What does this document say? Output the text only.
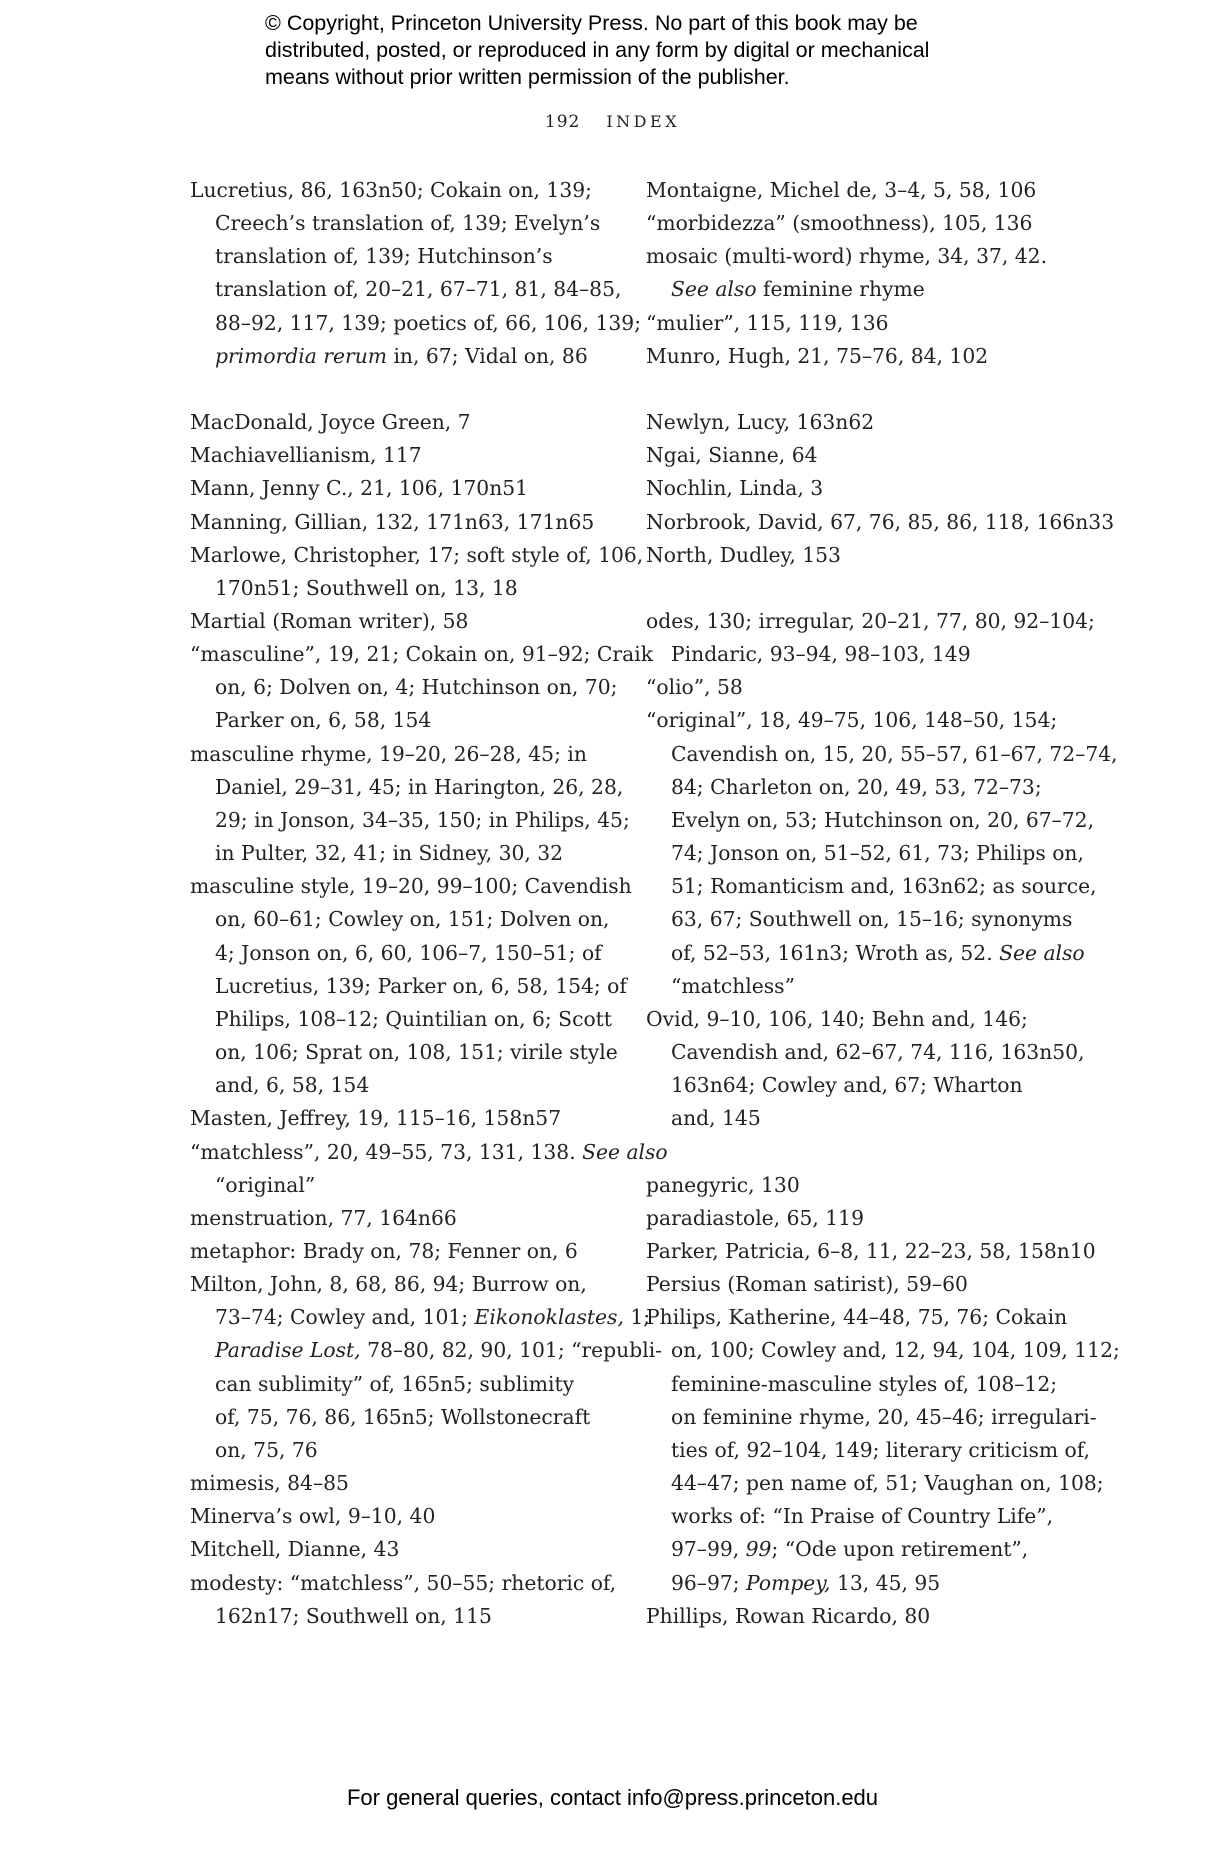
© Copyright, Princeton University Press. No part of this book may be
distributed, posted, or reproduced in any form by digital or mechanical
means without prior written permission of the publisher.
192 INDEX
Lucretius, 86, 163n50; Cokain on, 139;
Creech’s translation of, 139; Evelyn’s
translation of, 139; Hutchinson’s
translation of, 20–21, 67–71, 81, 84–85,
88–92, 117, 139; poetics of, 66, 106, 139;
primordia rerum in, 67; Vidal on, 86
MacDonald, Joyce Green, 7
Machiavellianism, 117
Mann, Jenny C., 21, 106, 170n51
Manning, Gillian, 132, 171n63, 171n65
Marlowe, Christopher, 17; soft style of, 106,
170n51; Southwell on, 13, 18
Martial (Roman writer), 58
“masculine”, 19, 21; Cokain on, 91–92; Craik
on, 6; Dolven on, 4; Hutchinson on, 70;
Parker on, 6, 58, 154
masculine rhyme, 19–20, 26–28, 45; in
Daniel, 29–31, 45; in Harington, 26, 28,
29; in Jonson, 34–35, 150; in Philips, 45;
in Pulter, 32, 41; in Sidney, 30, 32
masculine style, 19–20, 99–100; Cavendish
on, 60–61; Cowley on, 151; Dolven on,
4; Jonson on, 6, 60, 106–7, 150–51; of
Lucretius, 139; Parker on, 6, 58, 154; of
Philips, 108–12; Quintilian on, 6; Scott
on, 106; Sprat on, 108, 151; virile style
and, 6, 58, 154
Masten, Jeffrey, 19, 115–16, 158n57
“matchless”, 20, 49–55, 73, 131, 138. See also
“original”
menstruation, 77, 164n66
metaphor: Brady on, 78; Fenner on, 6
Milton, John, 8, 68, 86, 94; Burrow on,
73–74; Cowley and, 101; Eikonoklastes, 1;
Paradise Lost, 78–80, 82, 90, 101; “republi-
can sublimity” of, 165n5; sublimity
of, 75, 76, 86, 165n5; Wollstonecraft
on, 75, 76
mimesis, 84–85
Minerva’s owl, 9–10, 40
Mitchell, Dianne, 43
modesty: “matchless”, 50–55; rhetoric of,
162n17; Southwell on, 115
Montaigne, Michel de, 3–4, 5, 58, 106
“morbidezza” (smoothness), 105, 136
mosaic (multi-word) rhyme, 34, 37, 42.
See also feminine rhyme
“mulier”, 115, 119, 136
Munro, Hugh, 21, 75–76, 84, 102
Newlyn, Lucy, 163n62
Ngai, Sianne, 64
Nochlin, Linda, 3
Norbrook, David, 67, 76, 85, 86, 118, 166n33
North, Dudley, 153
odes, 130; irregular, 20–21, 77, 80, 92–104;
Pindaric, 93–94, 98–103, 149
“olio”, 58
“original”, 18, 49–75, 106, 148–50, 154;
Cavendish on, 15, 20, 55–57, 61–67, 72–74,
84; Charleton on, 20, 49, 53, 72–73;
Evelyn on, 53; Hutchinson on, 20, 67–72,
74; Jonson on, 51–52, 61, 73; Philips on,
51; Romanticism and, 163n62; as source,
63, 67; Southwell on, 15–16; synonyms
of, 52–53, 161n3; Wroth as, 52. See also
“matchless”
Ovid, 9–10, 106, 140; Behn and, 146;
Cavendish and, 62–67, 74, 116, 163n50,
163n64; Cowley and, 67; Wharton
and, 145
panegyric, 130
paradiastole, 65, 119
Parker, Patricia, 6–8, 11, 22–23, 58, 158n10
Persius (Roman satirist), 59–60
Philips, Katherine, 44–48, 75, 76; Cokain
on, 100; Cowley and, 12, 94, 104, 109, 112;
feminine-masculine styles of, 108–12;
on feminine rhyme, 20, 45–46; irregulari-
ties of, 92–104, 149; literary criticism of,
44–47; pen name of, 51; Vaughan on, 108;
works of: “In Praise of Country Life”,
97–99, 99; “Ode upon retirement”,
96–97; Pompey, 13, 45, 95
Phillips, Rowan Ricardo, 80
For general queries, contact info@press.princeton.edu
